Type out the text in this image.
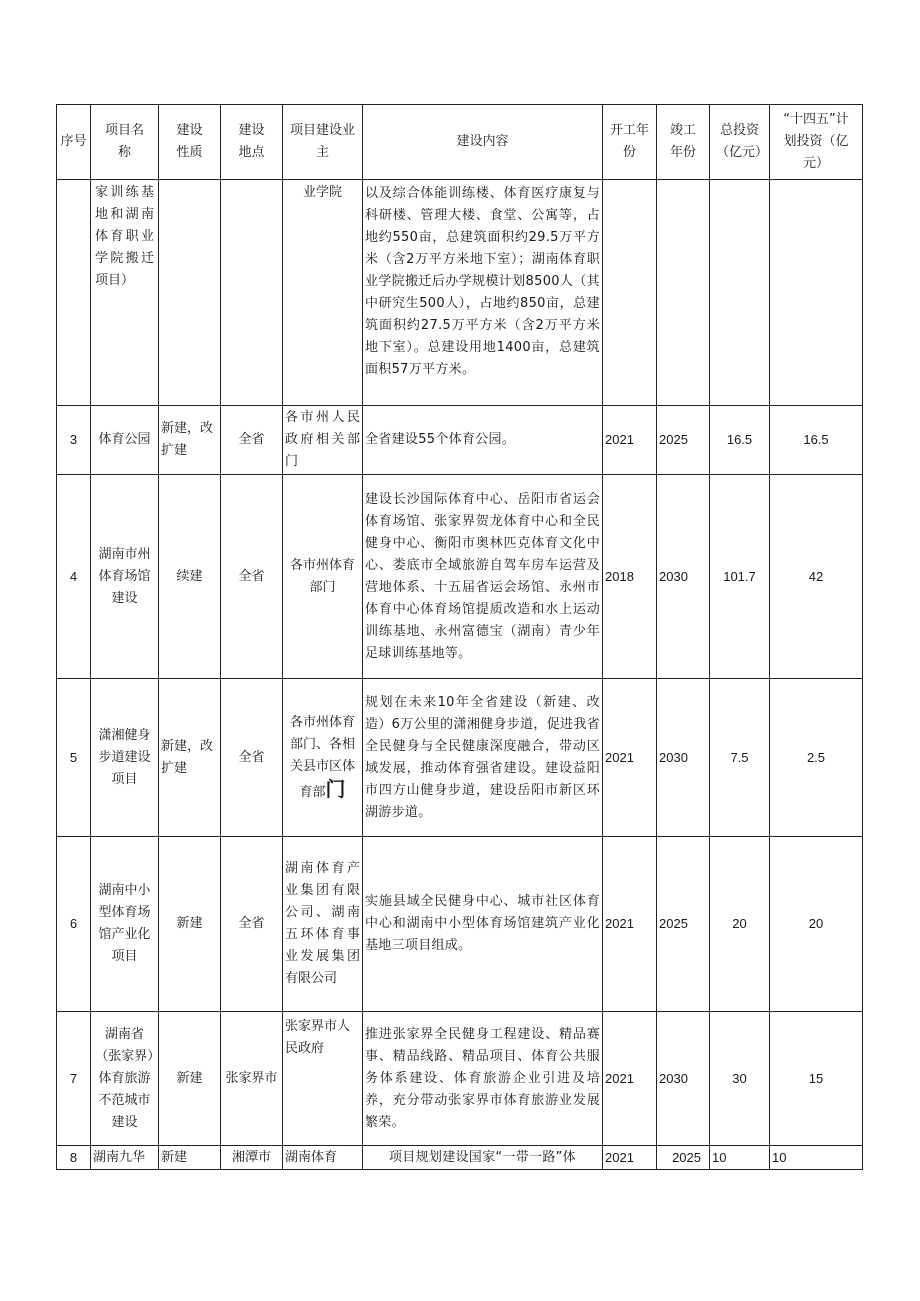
序号	项目名称	建设性质	建设地点	项目建设业主	建设内容	开工年份	竣工年份	总投资（亿元）	“十四五”计划投资（亿元）
	家训练基地和湖南体育职业学院搬迁项目）			业学院	以及综合体能训练楼、体育医疗康复与科研楼、管理大楼、食堂、公寓等，占地约550亩，总建筑面积约29.5万平方米（含2万平方米地下室）；湖南体育职业学院搬迁后办学规模计划8500人（其中研究生500人），占地约850亩，总建筑面积约27.5万平方米（含2万平方米地下室）。总建设用地1400亩，总建筑面积57万平方米。				
3	体育公园	新建，改扩建	全省	各市州人民政府相关部门	全省建设55个体育公园。	2021	2025	16.5	16.5
4	湖南市州体育场馆建设	续建	全省	各市州体育部门	建设长沙国际体育中心、岳阳市省运会体育场馆、张家界贺龙体育中心和全民健身中心、衡阳市奥林匹克体育文化中心、娄底市全域旅游自驾车房车运营及营地体系、十五届省运会场馆、永州市体育中心体育场馆提质改造和水上运动训练基地、永州富德宝（湖南）青少年足球训练基地等。	2018	2030	101.7	42
5	潇湘健身步道建设项目	新建，改扩建	全省	各市州体育部门、各相关县市区体育部门	规划在未来10年全省建设（新建、改造）6万公里的潇湘健身步道，促进我省全民健身与全民健康深度融合，带动区域发展，推动体育强省建设。建设益阳市四方山健身步道，建设岳阳市新区环湖游步道。	2021	2030	7.5	2.5
6	湖南中小型体育场馆产业化项目	新建	全省	湖南体育产业集团有限公司、湖南五环体育事业发展集团有限公司	实施县域全民健身中心、城市社区体育中心和湖南中小型体育场馆建筑产业化基地三项目组成。	2021	2025	20	20
7	湖南省（张家界）体育旅游不范城市建设	新建	张家界市	张家界市人民政府	推进张家界全民健身工程建设、精品赛事、精品线路、精品项目、体育公共服务体系建设、体育旅游企业引进及培养，充分带动张家界市体育旅游业发展繁荣。	2021	2030	30	15
8	湖南九华	新建	湘潭市	湖南体育	项目规划建设国家“一带一路”体	2021	2025	10	10
